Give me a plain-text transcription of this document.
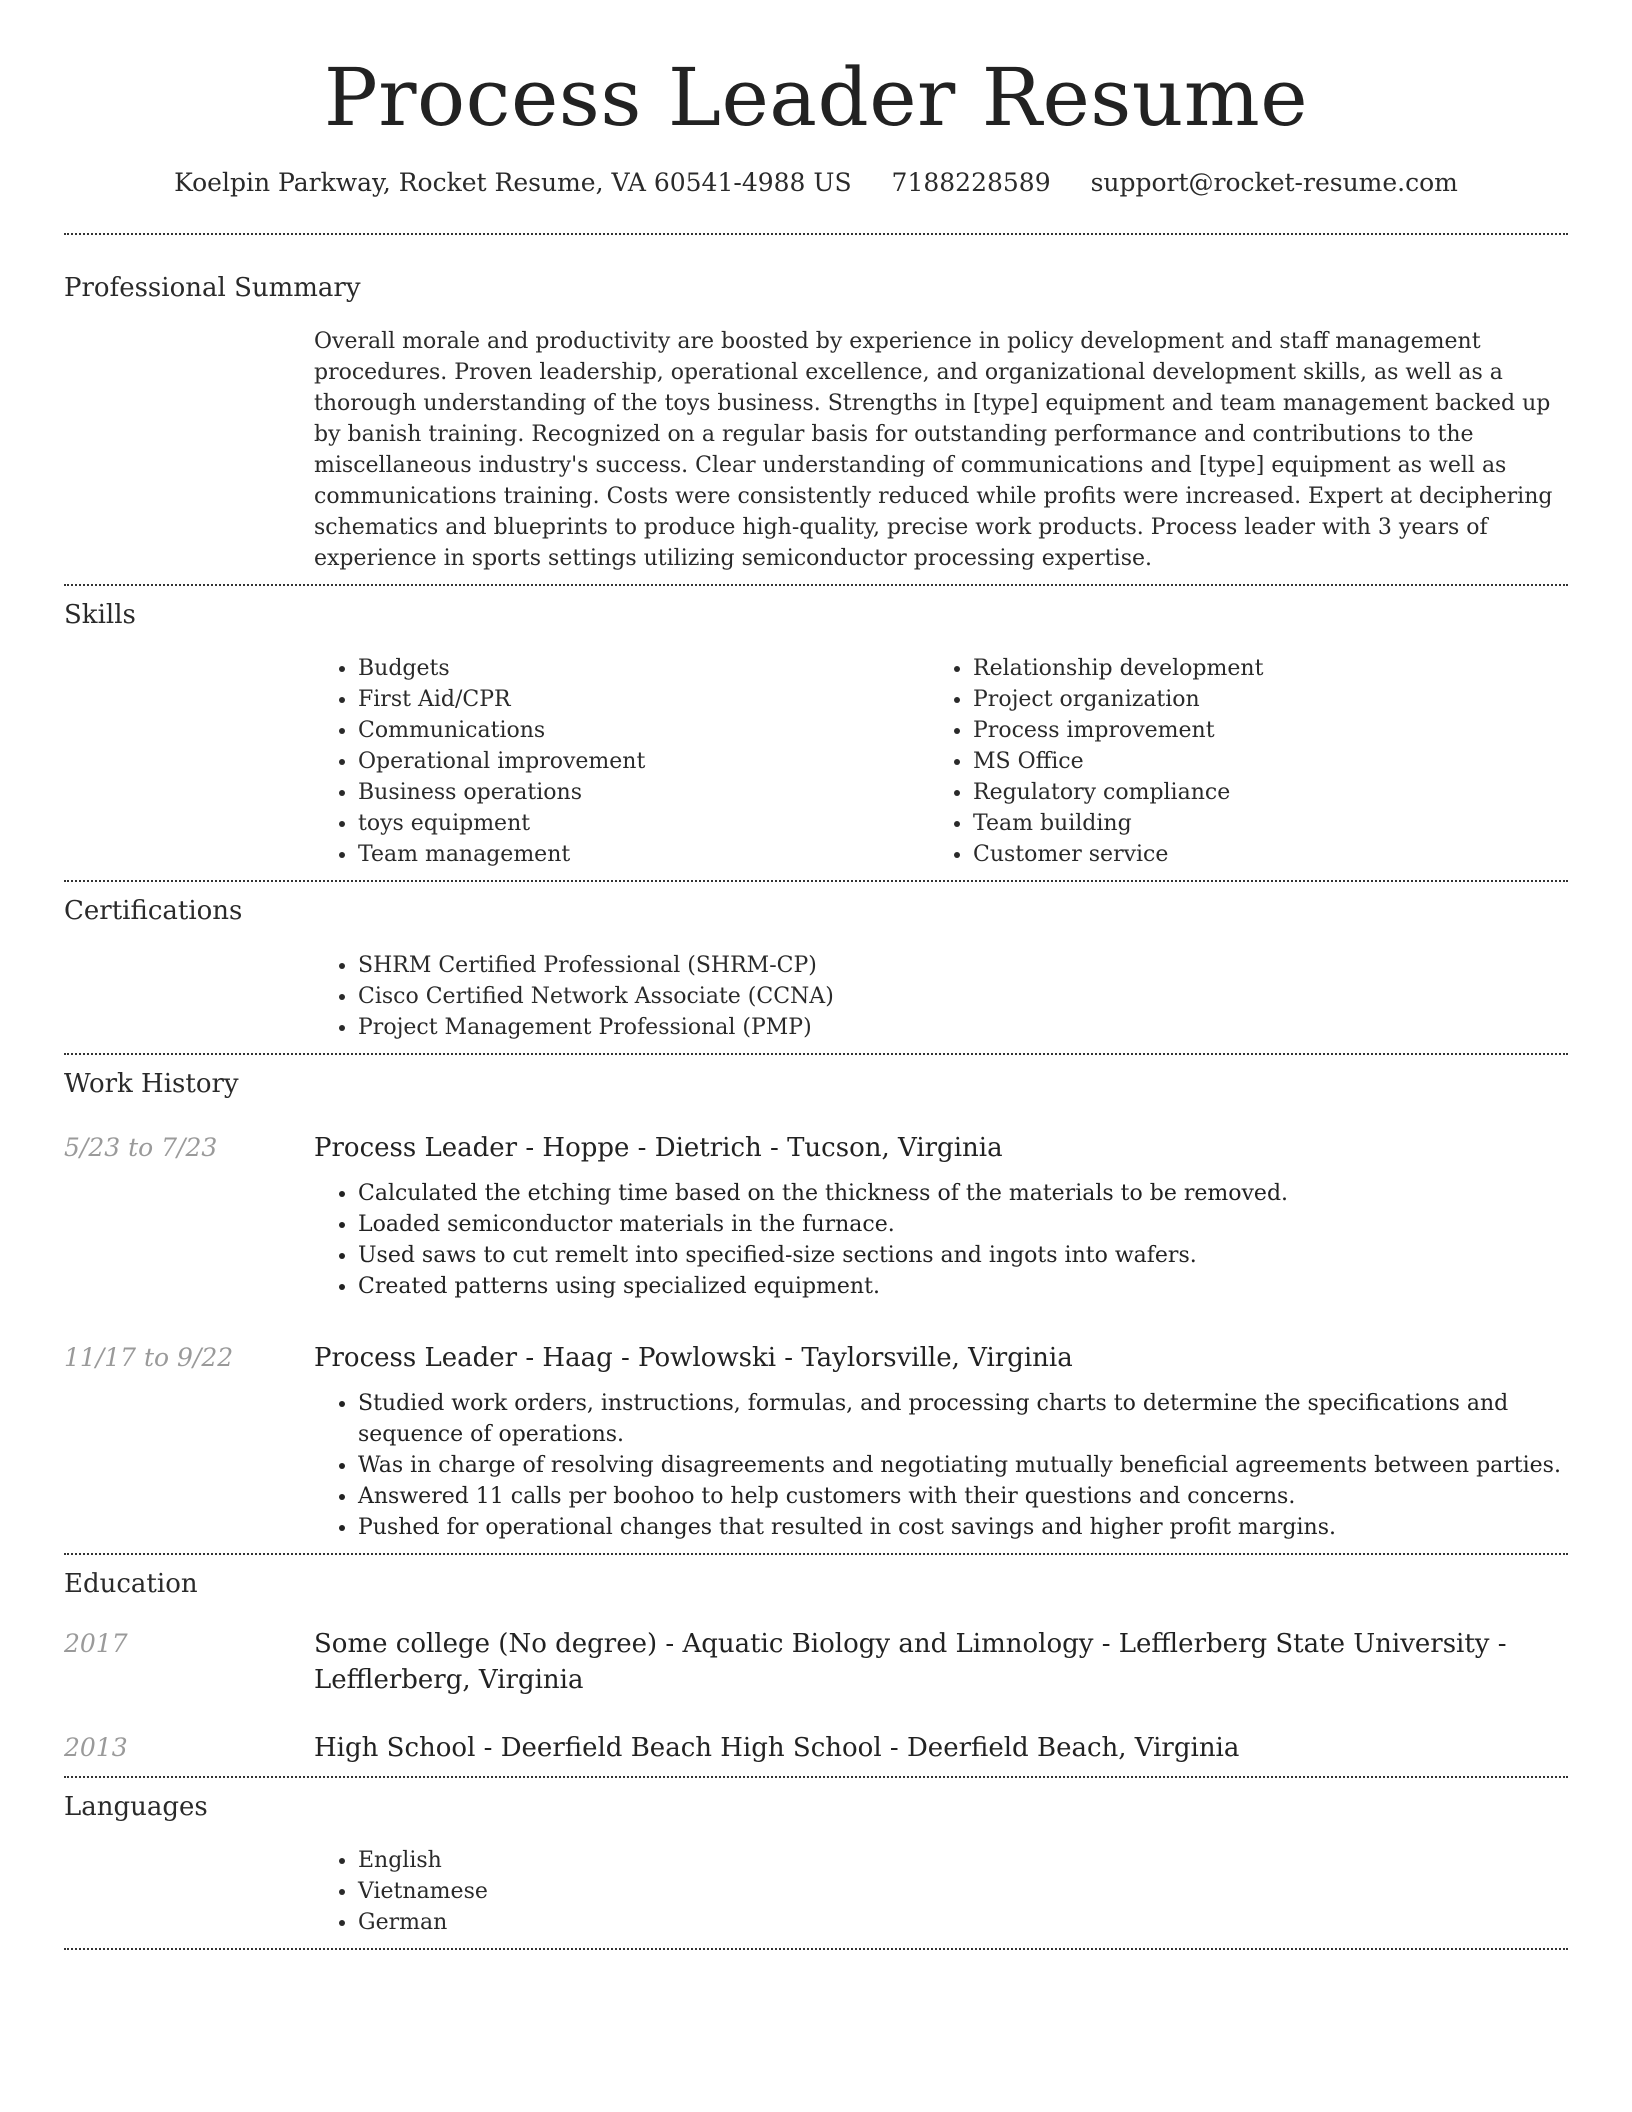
Process Leader Resume
Koelpin Parkway, Rocket Resume, VA 60541-4988 US 7188228589 support@rocket-resume.com
Professional Summary

Overall morale and productivity are boosted by experience in policy development and staff management procedures. Proven leadership, operational excellence, and organizational development skills, as well as a thorough understanding of the toys business. Strengths in [type] equipment and team management backed up by banish training. Recognized on a regular basis for outstanding performance and contributions to the miscellaneous industry's success. Clear understanding of communications and [type] equipment as well as communications training. Costs were consistently reduced while profits were increased. Expert at deciphering schematics and blueprints to produce high-quality, precise work products. Process leader with 3 years of experience in sports settings utilizing semiconductor processing expertise.

Skills
• Budgets
• First Aid/CPR
• Communications
• Operational improvement
• Business operations
• toys equipment
• Team management
• Relationship development
• Project organization
• Process improvement
• MS Office
• Regulatory compliance
• Team building
• Customer service
Certifications
• SHRM Certified Professional (SHRM-CP)
• Cisco Certified Network Associate (CCNA)
• Project Management Professional (PMP)
Work History
5/23 to 7/23	Process Leader - Hoppe - Dietrich - Tucson, Virginia
• Calculated the etching time based on the thickness of the materials to be removed.
• Loaded semiconductor materials in the furnace.
• Used saws to cut remelt into specified-size sections and ingots into wafers.
• Created patterns using specialized equipment.
11/17 to 9/22	Process Leader - Haag - Powlowski - Taylorsville, Virginia
• Studied work orders, instructions, formulas, and processing charts to determine the specifications and sequence of operations.
• Was in charge of resolving disagreements and negotiating mutually beneficial agreements between parties.
• Answered 11 calls per boohoo to help customers with their questions and concerns.
• Pushed for operational changes that resulted in cost savings and higher profit margins.
Education
2017	Some college (No degree) - Aquatic Biology and Limnology - Lefflerberg State University - Lefflerberg, Virginia
2013	High School - Deerfield Beach High School - Deerfield Beach, Virginia
Languages
• English
• Vietnamese
• German
